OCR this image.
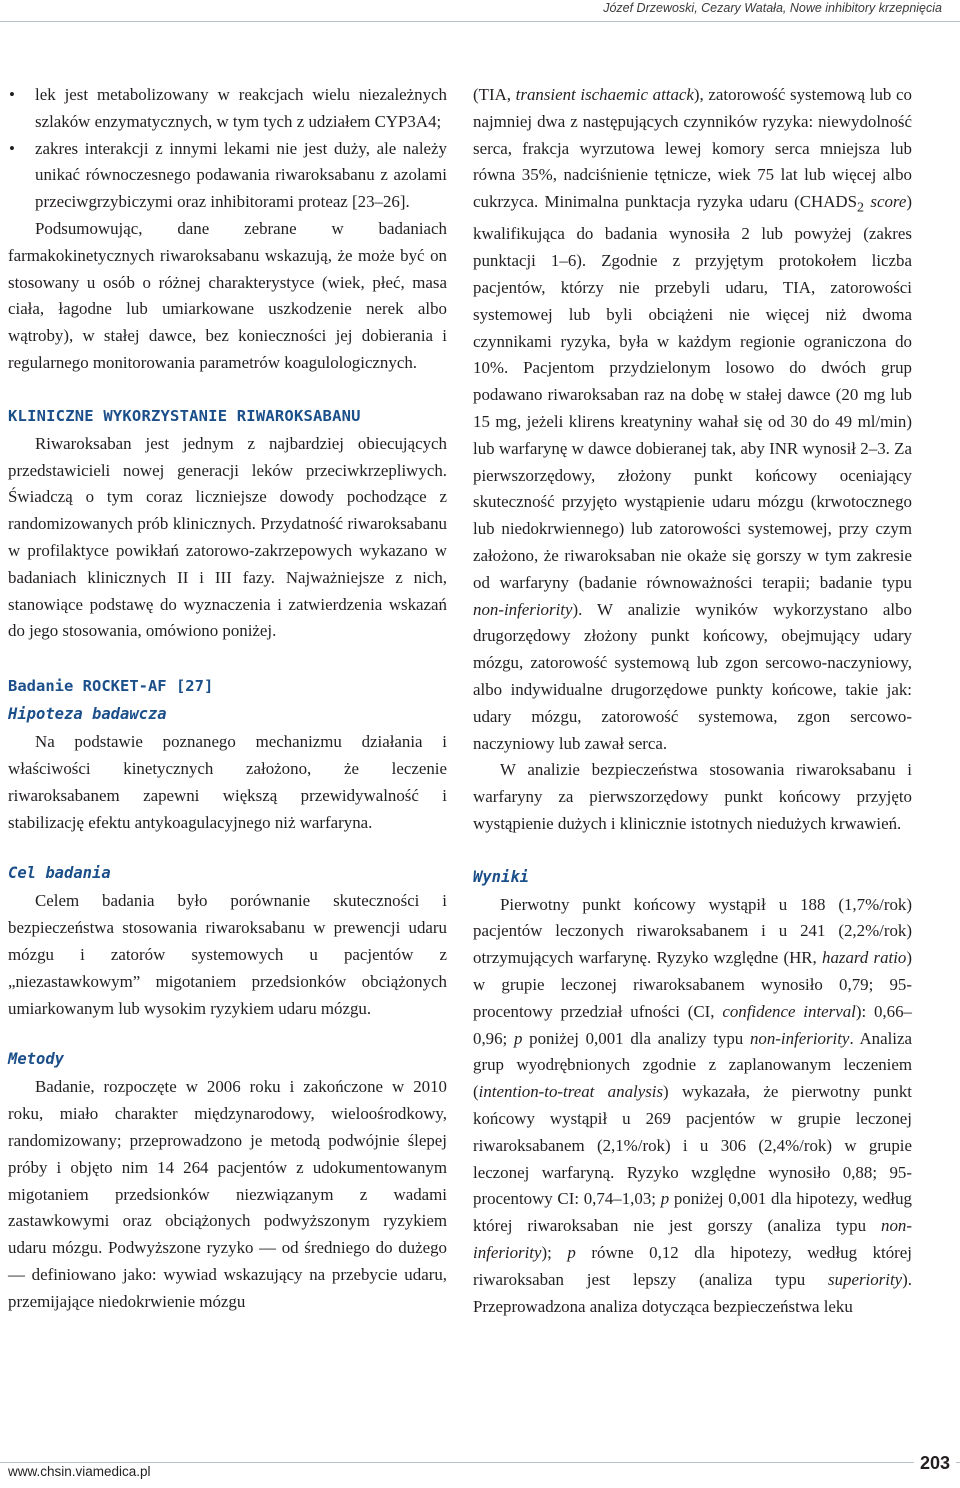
Józef Drzewoski, Cezary Watała, Nowe inhibitory krzepnięcia
• lek jest metabolizowany w reakcjach wielu niezależnych szlaków enzymatycznych, w tym tych z udziałem CYP3A4;
• zakres interakcji z innymi lekami nie jest duży, ale należy unikać równoczesnego podawania riwaroksabanu z azolami przeciwgrzybiczymi oraz inhibitorami proteaz [23–26].

Podsumowując, dane zebrane w badaniach farmakokinetycznych riwaroksabanu wskazują, że może być on stosowany u osób o różnej charakterystyce (wiek, płeć, masa ciała, łagodne lub umiarkowane uszkodzenie nerek albo wątroby), w stałej dawce, bez konieczności jej dobierania i regularnego monitorowania parametrów koagulologicznych.

KLINICZNE WYKORZYSTANIE RIWAROKSABANU

Riwaroksaban jest jednym z najbardziej obiecujących przedstawicieli nowej generacji leków przeciwkrzepliwych. Świadczą o tym coraz liczniejsze dowody pochodzące z randomizowanych prób klinicznych. Przydatność riwaroksabanu w profilaktyce powikłań zatorowo-zakrzepowych wykazano w badaniach klinicznych II i III fazy. Najważniejsze z nich, stanowiące podstawę do wyznaczenia i zatwierdzenia wskazań do jego stosowania, omówiono poniżej.

Badanie ROCKET-AF [27]
Hipoteza badawcza

Na podstawie poznanego mechanizmu działania i właściwości kinetycznych założono, że leczenie riwaroksabanem zapewni większą przewidywalność i stabilizację efektu antykoagulacyjnego niż warfaryna.

Cel badania

Celem badania było porównanie skuteczności i bezpieczeństwa stosowania riwaroksabanu w prewencji udaru mózgu i zatorów systemowych u pacjentów z „niezastawkowym” migotaniem przedsionków obciążonych umiarkowanym lub wysokim ryzykiem udaru mózgu.

Metody

Badanie, rozpoczęte w 2006 roku i zakończone w 2010 roku, miało charakter międzynarodowy, wieloośrodkowy, randomizowany; przeprowadzono je metodą podwójnie ślepej próby i objęto nim 14 264 pacjentów z udokumentowanym migotaniem przedsionków niezwiązanym z wadami zastawkowymi oraz obciążonych podwyższonym ryzykiem udaru mózgu. Podwyższone ryzyko — od średniego do dużego — definiowano jako: wywiad wskazujący na przebycie udaru, przemijające niedokrwienie mózgu

(TIA, transient ischaemic attack), zatorowość systemową lub co najmniej dwa z następujących czynników ryzyka: niewydolność serca, frakcja wyrzutowa lewej komory serca mniejsza lub równa 35%, nadciśnienie tętnicze, wiek 75 lat lub więcej albo cukrzyca. Minimalna punktacja ryzyka udaru ($CHADS_2$ score) kwalifikująca do badania wynosiła 2 lub powyżej (zakres punktacji 1–6). Zgodnie z przyjętym protokołem liczba pacjentów, którzy nie przebyli udaru, TIA, zatorowości systemowej lub byli obciążeni nie więcej niż dwoma czynnikami ryzyka, była w każdym regionie ograniczona do 10%. Pacjentom przydzielonym losowo do dwóch grup podawano riwaroksaban raz na dobę w stałej dawce (20 mg lub 15 mg, jeżeli klirens kreatyniny wahał się od 30 do 49 ml/min) lub warfarynę w dawce dobieranej tak, aby INR wynosił 2–3. Za pierwszorzędowy, złożony punkt końcowy oceniający skuteczność przyjęto wystąpienie udaru mózgu (krwotocznego lub niedokrwiennego) lub zatorowości systemowej, przy czym założono, że riwaroksaban nie okaże się gorszy w tym zakresie od warfaryny (badanie równoważności terapii; badanie typu non-inferiority). W analizie wyników wykorzystano albo drugorzędowy złożony punkt końcowy, obejmujący udary mózgu, zatorowość systemową lub zgon sercowo-naczyniowy, albo indywidualne drugorzędowe punkty końcowe, takie jak: udary mózgu, zatorowość systemowa, zgon sercowo-naczyniowy lub zawał serca.

W analizie bezpieczeństwa stosowania riwaroksabanu i warfaryny za pierwszorzędowy punkt końcowy przyjęto wystąpienie dużych i klinicznie istotnych niedużych krwawień.

Wyniki

Pierwotny punkt końcowy wystąpił u 188 (1,7%/rok) pacjentów leczonych riwaroksabanem i u 241 (2,2%/rok) otrzymujących warfarynę. Ryzyko względne (HR, hazard ratio) w grupie leczonej riwaroksabanem wynosiło 0,79; 95-procentowy przedział ufności (CI, confidence interval): 0,66–0,96; p poniżej 0,001 dla analizy typu non-inferiority. Analiza grup wyodrębnionych zgodnie z zaplanowanym leczeniem (intention-to-treat analysis) wykazała, że pierwotny punkt końcowy wystąpił u 269 pacjentów w grupie leczonej riwaroksabanem (2,1%/rok) i u 306 (2,4%/rok) w grupie leczonej warfaryną. Ryzyko względne wynosiło 0,88; 95-procentowy CI: 0,74–1,03; p poniżej 0,001 dla hipotezy, według której riwaroksaban nie jest gorszy (analiza typu non-inferiority); p równe 0,12 dla hipotezy, według której riwaroksaban jest lepszy (analiza typu superiority). Przeprowadzona analiza dotycząca bezpieczeństwa leku

www.chsin.viamedica.pl	203
